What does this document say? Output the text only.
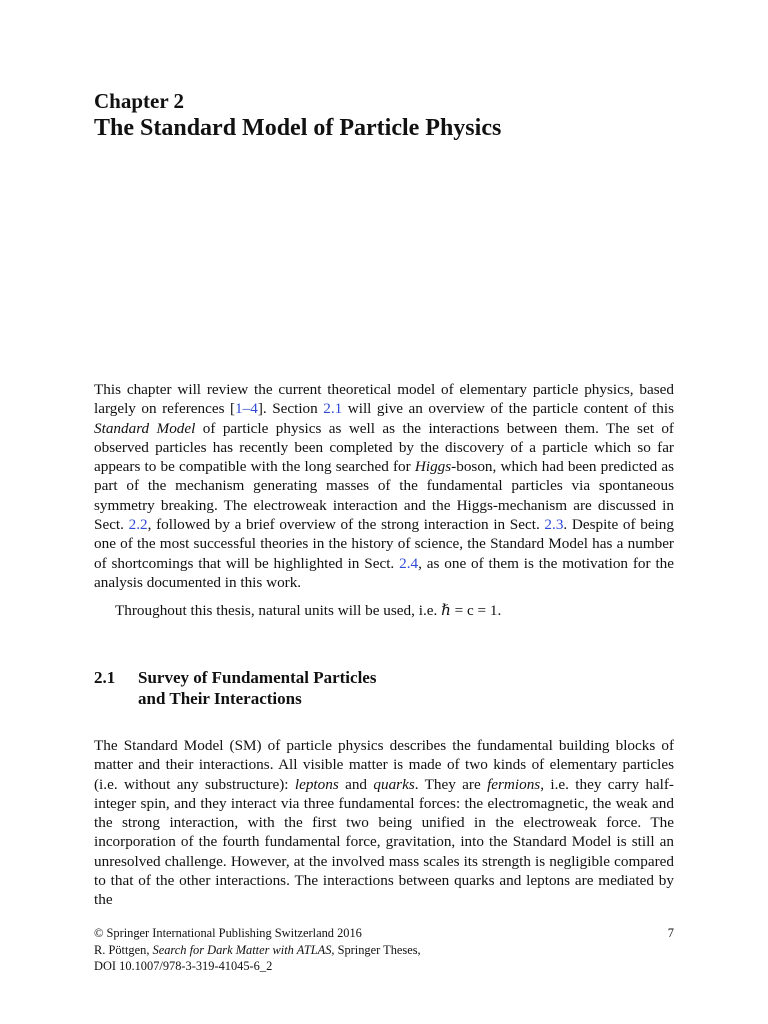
Chapter 2
The Standard Model of Particle Physics
This chapter will review the current theoretical model of elementary particle physics, based largely on references [1–4]. Section 2.1 will give an overview of the particle content of this Standard Model of particle physics as well as the interactions between them. The set of observed particles has recently been completed by the discovery of a particle which so far appears to be compatible with the long searched for Higgs-boson, which had been predicted as part of the mechanism generating masses of the fundamental particles via spontaneous symmetry breaking. The electroweak interaction and the Higgs-mechanism are discussed in Sect. 2.2, followed by a brief overview of the strong interaction in Sect. 2.3. Despite of being one of the most successful theories in the history of science, the Standard Model has a number of shortcomings that will be highlighted in Sect. 2.4, as one of them is the motivation for the analysis documented in this work.
Throughout this thesis, natural units will be used, i.e. ℏ = c = 1.
2.1 Survey of Fundamental Particles
and Their Interactions
The Standard Model (SM) of particle physics describes the fundamental building blocks of matter and their interactions. All visible matter is made of two kinds of elementary particles (i.e. without any substructure): leptons and quarks. They are fermions, i.e. they carry half-integer spin, and they interact via three fundamental forces: the electromagnetic, the weak and the strong interaction, with the first two being unified in the electroweak force. The incorporation of the fourth fundamental force, gravitation, into the Standard Model is still an unresolved challenge. However, at the involved mass scales its strength is negligible compared to that of the other interactions. The interactions between quarks and leptons are mediated by the
7
© Springer International Publishing Switzerland 2016
R. Pöttgen, Search for Dark Matter with ATLAS, Springer Theses,
DOI 10.1007/978-3-319-41045-6_2
